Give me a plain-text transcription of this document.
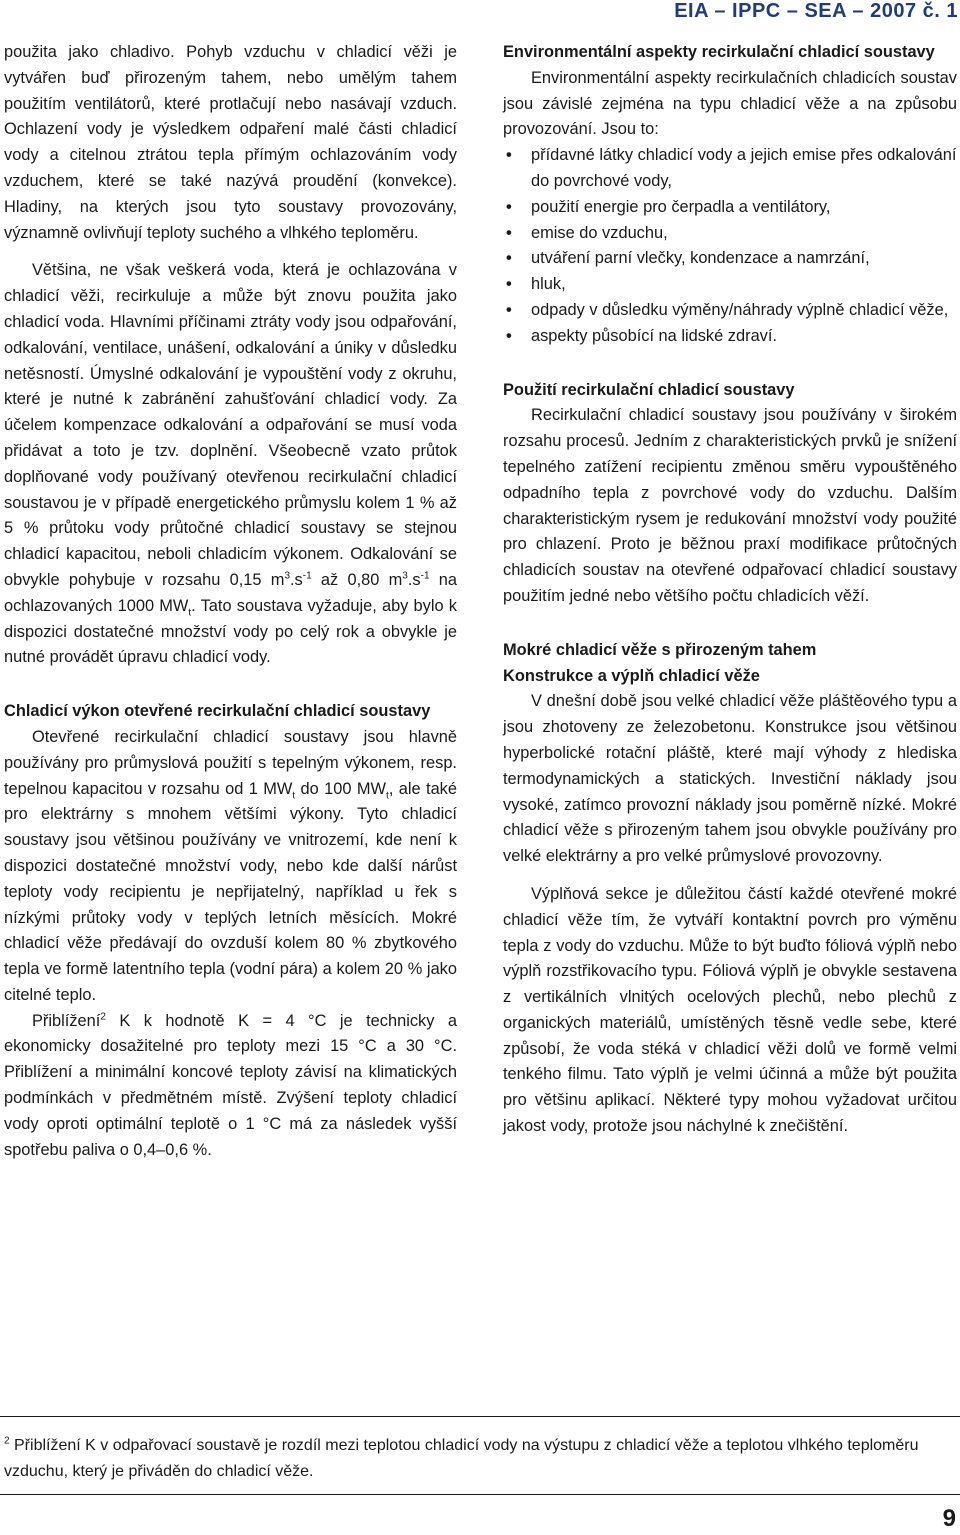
EIA – IPPC – SEA – 2007 č. 1

použita jako chladivo. Pohyb vzduchu v chladicí věži je vytvářen buď přirozeným tahem, nebo umělým tahem použitím ventilátorů, které protlačují nebo nasávají vzduch. Ochlazení vody je výsledkem odpaření malé části chladicí vody a citelnou ztrátou tepla přímým ochlazováním vody vzduchem, které se také nazývá proudění (konvekce). Hladiny, na kterých jsou tyto soustavy provozovány, významně ovlivňují teploty suchého a vlhkého teploměru.

Většina, ne však veškerá voda, která je ochlazována v chladicí věži, recirkuluje a může být znovu použita jako chladicí voda. Hlavními příčinami ztráty vody jsou odpařování, odkalování, ventilace, unášení, odkalování a úniky v důsledku netěsností. Úmyslné odkalování je vypouštění vody z okruhu, které je nutné k zabránění zahušťování chladicí vody. Za účelem kompenzace odkalování a odpařování se musí voda přidávat a toto je tzv. doplnění. Všeobecně vzato průtok doplňované vody používaný otevřenou recirkulační chladicí soustavou je v případě energetického průmyslu kolem 1 % až 5 % průtoku vody průtočné chladicí soustavy se stejnou chladicí kapacitou, neboli chladicím výkonem. Odkalování se obvykle pohybuje v rozsahu 0,15 $m^3.s^{-1}$ až 0,80 $m^3.s^{-1}$ na ochlazovaných 1000 $MW_t$. Tato soustava vyžaduje, aby bylo k dispozici dostatečné množství vody po celý rok a obvykle je nutné provádět úpravu chladicí vody.

Chladicí výkon otevřené recirkulační chladicí soustavy

Otevřené recirkulační chladicí soustavy jsou hlavně používány pro průmyslová použití s tepelným výkonem, resp. tepelnou kapacitou v rozsahu od 1 $MW_t$ do 100 $MW_t$, ale také pro elektrárny s mnohem většími výkony. Tyto chladicí soustavy jsou většinou používány ve vnitrozemí, kde není k dispozici dostatečné množství vody, nebo kde další nárůst teploty vody recipientu je nepřijatelný, například u řek s nízkými průtoky vody v teplých letních měsících. Mokré chladicí věže předávají do ovzduší kolem 80 % zbytkového tepla ve formě latentního tepla (vodní pára) a kolem 20 % jako citelné teplo.

Přiblížení$^2$ K k hodnotě K = 4 °C je technicky a ekonomicky dosažitelné pro teploty mezi 15 °C a 30 °C. Přiblížení a minimální koncové teploty závisí na klimatických podmínkách v předmětném místě. Zvýšení teploty chladicí vody oproti optimální teplotě o 1 °C má za následek vyšší spotřebu paliva o 0,4–0,6 %.

Environmentální aspekty recirkulační chladicí soustavy

Environmentální aspekty recirkulačních chladicích soustav jsou závislé zejména na typu chladicí věže a na způsobu provozování. Jsou to:

• přídavné látky chladicí vody a jejich emise přes odkalování do povrchové vody,
• použití energie pro čerpadla a ventilátory,
• emise do vzduchu,
• utváření parní vlečky, kondenzace a namrzání,
• hluk,
• odpady v důsledku výměny/náhrady výplně chladicí věže,
• aspekty působící na lidské zdraví.
Použití recirkulační chladicí soustavy

Recirkulační chladicí soustavy jsou používány v širokém rozsahu procesů. Jedním z charakteristických prvků je snížení tepelného zatížení recipientu změnou směru vypouštěného odpadního tepla z povrchové vody do vzduchu. Dalším charakteristickým rysem je redukování množství vody použité pro chlazení. Proto je běžnou praxí modifikace průtočných chladicích soustav na otevřené odpařovací chladicí soustavy použitím jedné nebo většího počtu chladicích věží.

Mokré chladicí věže s přirozeným tahem
Konstrukce a výplň chladicí věže

V dnešní době jsou velké chladicí věže pláštěového typu a jsou zhotoveny ze železobetonu. Konstrukce jsou většinou hyperbolické rotační pláště, které mají výhody z hlediska termodynamických a statických. Investiční náklady jsou vysoké, zatímco provozní náklady jsou poměrně nízké. Mokré chladicí věže s přirozeným tahem jsou obvykle používány pro velké elektrárny a pro velké průmyslové provozovny.

Výplňová sekce je důležitou částí každé otevřené mokré chladicí věže tím, že vytváří kontaktní povrch pro výměnu tepla z vody do vzduchu. Může to být buďto fóliová výplň nebo výplň rozstřikovacího typu. Fóliová výplň je obvykle sestavena z vertikálních vlnitých ocelových plechů, nebo plechů z organických materiálů, umístěných těsně vedle sebe, které způsobí, že voda stéká v chladicí věži dolů ve formě velmi tenkého filmu. Tato výplň je velmi účinná a může být použita pro většinu aplikací. Některé typy mohou vyžadovat určitou jakost vody, protože jsou náchylné k znečištění.

$^2$ Přiblížení K v odpařovací soustavě je rozdíl mezi teplotou chladicí vody na výstupu z chladicí věže a teplotou vlhkého teploměru vzduchu, který je přiváděn do chladicí věže.
9
